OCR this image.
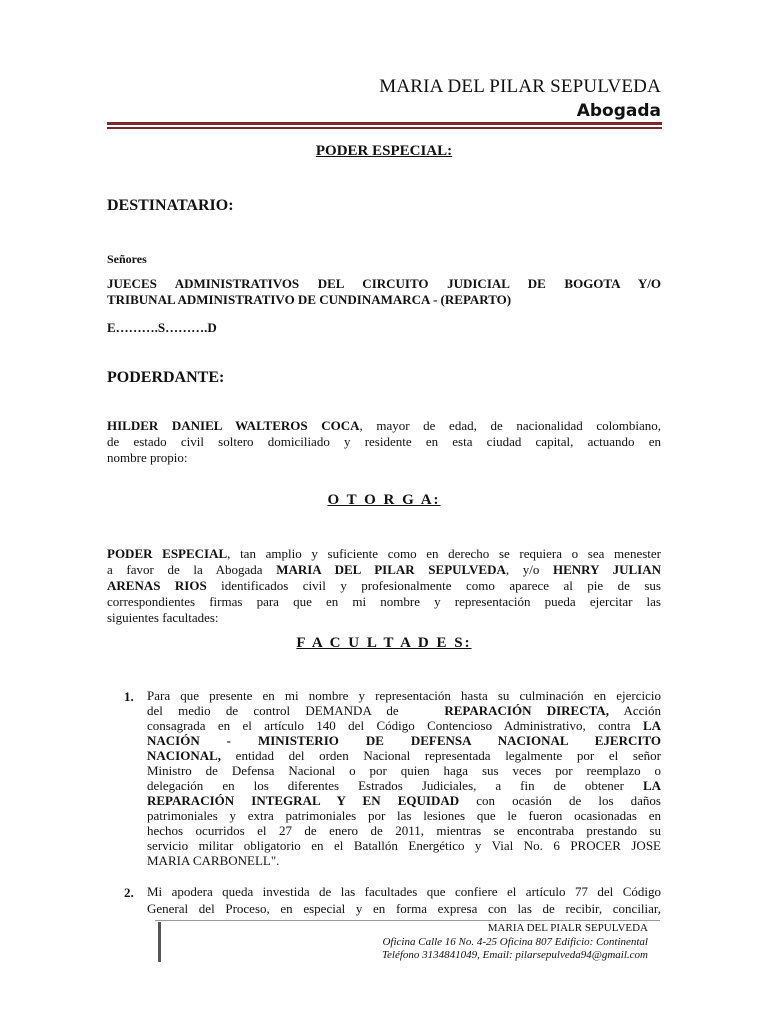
MARIA DEL PILAR SEPULVEDA
Abogada
PODER ESPECIAL:
DESTINATARIO:
Señores
JUECES ADMINISTRATIVOS DEL CIRCUITO JUDICIAL DE BOGOTA Y/O
TRIBUNAL ADMINISTRATIVO DE CUNDINAMARCA - (REPARTO)
E……….S……….D
PODERDANTE:
HILDER DANIEL WALTEROS COCA, mayor de edad, de nacionalidad colombiano,
de estado civil soltero domiciliado y residente en esta ciudad capital, actuando en
nombre propio:
O T O R G A:
PODER ESPECIAL, tan amplio y suficiente como en derecho se requiera o sea menester
a favor de la Abogada MARIA DEL PILAR SEPULVEDA, y/o HENRY JULIAN
ARENAS RIOS identificados civil y profesionalmente como aparece al pie de sus
correspondientes firmas para que en mi nombre y representación pueda ejercitar las
siguientes facultades:
F A C U L T A D E S:
1. Para que presente en mi nombre y representación hasta su culminación en ejercicio
del medio de control DEMANDA de	REPARACIÓN DIRECTA, Acción
consagrada en el artículo 140 del Código Contencioso Administrativo, contra LA
NACIÓN - MINISTERIO DE DEFENSA NACIONAL EJERCITO
NACIONAL, entidad del orden Nacional representada legalmente por el señor
Ministro de Defensa Nacional o por quien haga sus veces por reemplazo o
delegación en los diferentes Estrados Judiciales, a fin de obtener LA
REPARACIÓN INTEGRAL Y EN EQUIDAD con ocasión de los daños
patrimoniales y extra patrimoniales por las lesiones que le fueron ocasionadas en
hechos ocurridos el 27 de enero de 2011, mientras se encontraba prestando su
servicio militar obligatorio en el Batallón Energético y Vial No. 6 PROCER JOSE
MARIA CARBONELL".
2. Mi apodera queda investida de las facultades que confiere el artículo 77 del Código
General del Proceso, en especial y en forma expresa con las de recibir, conciliar,
MARIA DEL PIALR SEPULVEDA
Oficina Calle 16 No. 4-25 Oficina 807 Edificio: Continental
Teléfono 3134841049, Email: pilarsepulveda94@gmail.com
